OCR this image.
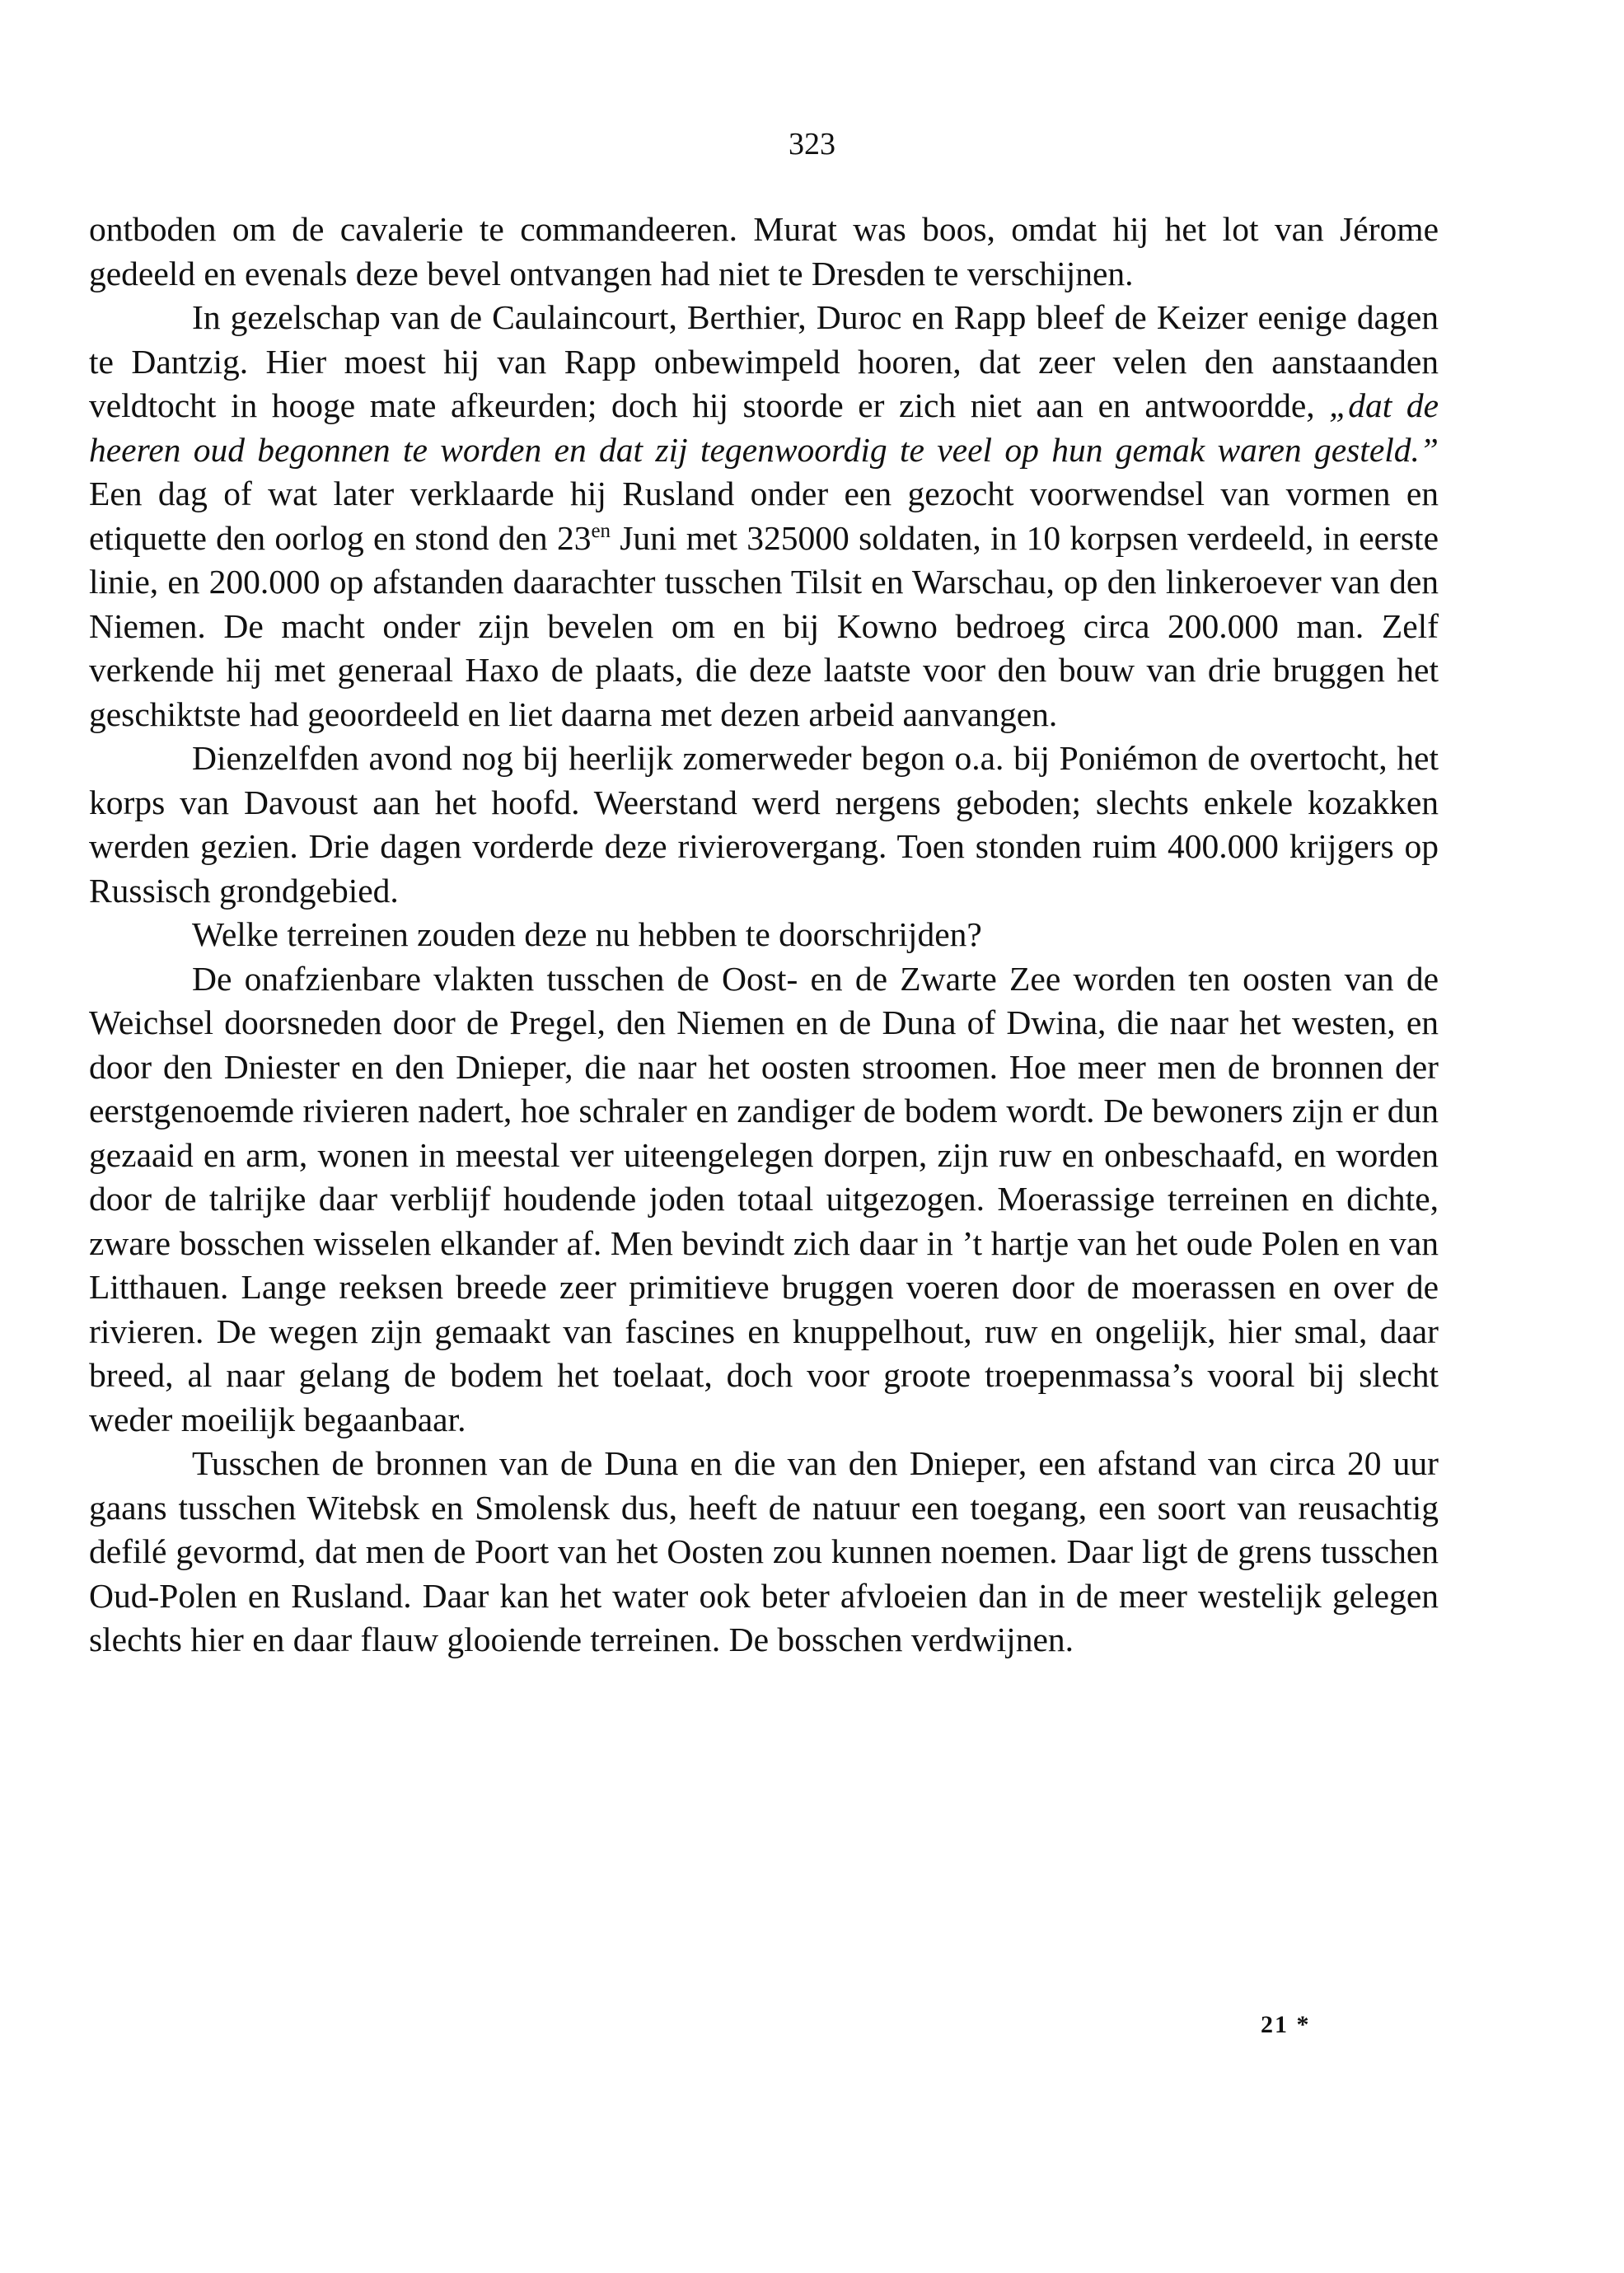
323

ontboden om de cavalerie te commandeeren. Murat was boos, omdat hij het lot van Jérome gedeeld en evenals deze bevel ontvangen had niet te Dresden te verschijnen.

In gezelschap van de Caulaincourt, Berthier, Duroc en Rapp bleef de Keizer eenige dagen te Dantzig. Hier moest hij van Rapp onbewimpeld hooren, dat zeer velen den aanstaanden veldtocht in hooge mate afkeurden; doch hij stoorde er zich niet aan en antwoordde, „dat de heeren oud begonnen te worden en dat zij tegenwoordig te veel op hun gemak waren gesteld.” Een dag of wat later verklaarde hij Rusland onder een gezocht voorwendsel van vormen en etiquette den oorlog en stond den $23^{en}$ Juni met 325000 soldaten, in 10 korpsen verdeeld, in eerste linie, en 200.000 op afstanden daarachter tusschen Tilsit en Warschau, op den linkeroever van den Niemen. De macht onder zijn bevelen om en bij Kowno bedroeg circa 200.000 man. Zelf verkende hij met generaal Haxo de plaats, die deze laatste voor den bouw van drie bruggen het geschiktste had geoordeeld en liet daarna met dezen arbeid aanvangen.

Dienzelfden avond nog bij heerlijk zomerweder begon o.a. bij Poniémon de overtocht, het korps van Davoust aan het hoofd. Weerstand werd nergens geboden; slechts enkele kozakken werden gezien. Drie dagen vorderde deze rivierovergang. Toen stonden ruim 400.000 krijgers op Russisch grondgebied.

Welke terreinen zouden deze nu hebben te doorschrijden?

De onafzienbare vlakten tusschen de Oost- en de Zwarte Zee worden ten oosten van de Weichsel doorsneden door de Pregel, den Niemen en de Duna of Dwina, die naar het westen, en door den Dniester en den Dnieper, die naar het oosten stroomen. Hoe meer men de bronnen der eerstgenoemde rivieren nadert, hoe schraler en zandiger de bodem wordt. De bewoners zijn er dun gezaaid en arm, wonen in meestal ver uiteengelegen dorpen, zijn ruw en onbeschaafd, en worden door de talrijke daar verblijf houdende joden totaal uitgezogen. Moerassige terreinen en dichte, zware bosschen wisselen elkander af. Men bevindt zich daar in ’t hartje van het oude Polen en van Litthauen. Lange reeksen breede zeer primitieve bruggen voeren door de moerassen en over de rivieren. De wegen zijn gemaakt van fascines en knuppelhout, ruw en ongelijk, hier smal, daar breed, al naar gelang de bodem het toelaat, doch voor groote troepenmassa’s vooral bij slecht weder moeilijk begaanbaar.

Tusschen de bronnen van de Duna en die van den Dnieper, een afstand van circa 20 uur gaans tusschen Witebsk en Smolensk dus, heeft de natuur een toegang, een soort van reusachtig defilé gevormd, dat men de Poort van het Oosten zou kunnen noemen. Daar ligt de grens tusschen Oud-Polen en Rusland. Daar kan het water ook beter afvloeien dan in de meer westelijk gelegen slechts hier en daar flauw glooiende terreinen. De bosschen verdwijnen.

21 *
